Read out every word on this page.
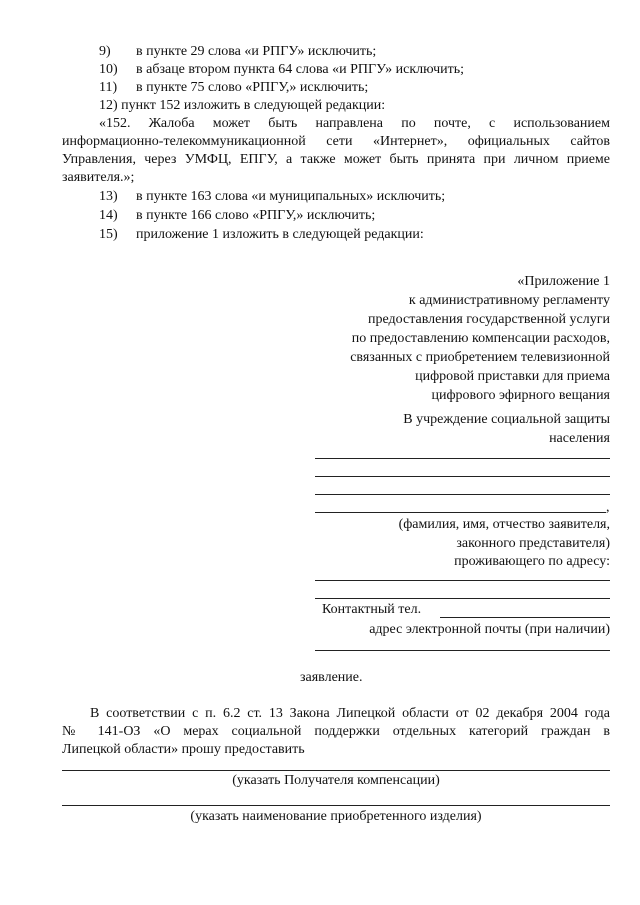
9) в пункте 29 слова «и РПГУ» исключить;
10) в абзаце втором пункта 64 слова «и РПГУ» исключить;
11) в пункте 75 слово «РПГУ,» исключить;
12) пункт 152 изложить в следующей редакции:
«152. Жалоба может быть направлена по почте, с использованием
информационно-телекоммуникационной сети «Интернет», официальных сайтов
Управления, через УМФЦ, ЕПГУ, а также может быть принята при личном приеме
заявителя.»;
13) в пункте 163 слова «и муниципальных» исключить;
14) в пункте 166 слово «РПГУ,» исключить;
15) приложение 1 изложить в следующей редакции:
«Приложение 1
к административному регламенту
предоставления государственной услуги
по предоставлению компенсации расходов,
связанных с приобретением телевизионной
цифровой приставки для приема
цифрового эфирного вещания
В учреждение социальной защиты
населения
,
(фамилия, имя, отчество заявителя,
законного представителя)
проживающего по адресу:
Контактный тел.
адрес электронной почты (при наличии)
заявление.
В соответствии с п. 6.2 ст. 13 Закона Липецкой области от 02 декабря 2004 года
№ 141-ОЗ «О мерах социальной поддержки отдельных категорий граждан в
Липецкой области» прошу предоставить
(указать Получателя компенсации)
(указать наименование приобретенного изделия)
